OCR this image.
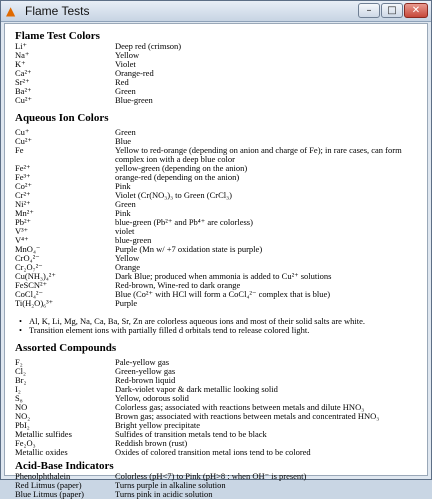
▲ Flame Tests	–	□	✕
Flame Test Colors
Li⁺	Deep red (crimson)
Na⁺	Yellow
K⁺	Violet
Ca²⁺	Orange-red
Sr²⁺	Red
Ba²⁺	Green
Cu²⁺	Blue-green
Aqueous Ion Colors
Cu⁺	Green
Cu²⁺	Blue
Fe	Yellow to red-orange (depending on anion and charge of Fe); in rare cases, can form complex ion with a deep blue color
Fe²⁺	yellow-green (depending on the anion)
Fe³⁺	orange-red (depending on the anion)
Co²⁺	Pink
Cr²⁺	Violet (Cr(NO₃)₃ to Green (CrCl₃)
Ni²⁺	Green
Mn²⁺	Pink
Pb²⁺	blue-green (Pb²⁺ and Pb⁴⁺ are colorless)
V³⁺	violet
V⁴⁺	blue-green
MnO₄⁻	Purple (Mn w/ +7 oxidation state is purple)
CrO₄²⁻	Yellow
Cr₂O₇²⁻	Orange
Cu(NH₃)₄²⁺	Dark Blue; produced when ammonia is added to Cu²⁺ solutions
FeSCN²⁺	Red-brown, Wine-red to dark orange
CoCl₄²⁻	Blue (Co²⁺ with HCl will form a CoCl₄²⁻ complex that is blue)
Ti(H₂O)₆³⁺	Purple
• Al, K, Li, Mg, Na, Ca, Ba, Sr, Zn are colorless aqueous ions and most of their solid salts are white.
• Transition element ions with partially filled d orbitals tend to release colored light.
Assorted Compounds
F₂	Pale-yellow gas
Cl₂	Green-yellow gas
Br₂	Red-brown liquid
I₂	Dark-violet vapor & dark metallic looking solid
S₈	Yellow, odorous solid
NO	Colorless gas; associated with reactions between metals and dilute HNO₃
NO₂	Brown gas; associated with reactions between metals and concentrated HNO₃
PbI₂	Bright yellow precipitate
Metallic sulfides	Sulfides of transition metals tend to be black
Fe₂O₃	Reddish brown (rust)
Metallic oxides	Oxides of colored transition metal ions tend to be colored
Acid-Base Indicators
Phenolphthalein	Colorless (pH<7) to Pink (pH>8 : when OH⁻ is present)
Red Litmus (paper)	Turns purple in alkaline solution
Blue Litmus (paper)	Turns pink in acidic solution
